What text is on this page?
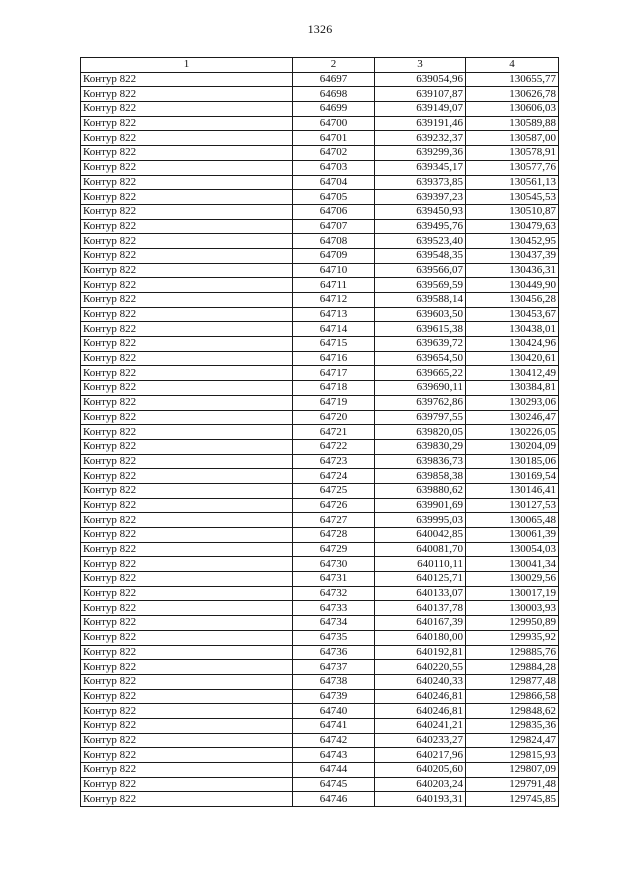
1326
1	2	3	4
Контур 822	64697	639054,96	130655,77
Контур 822	64698	639107,87	130626,78
Контур 822	64699	639149,07	130606,03
Контур 822	64700	639191,46	130589,88
Контур 822	64701	639232,37	130587,00
Контур 822	64702	639299,36	130578,91
Контур 822	64703	639345,17	130577,76
Контур 822	64704	639373,85	130561,13
Контур 822	64705	639397,23	130545,53
Контур 822	64706	639450,93	130510,87
Контур 822	64707	639495,76	130479,63
Контур 822	64708	639523,40	130452,95
Контур 822	64709	639548,35	130437,39
Контур 822	64710	639566,07	130436,31
Контур 822	64711	639569,59	130449,90
Контур 822	64712	639588,14	130456,28
Контур 822	64713	639603,50	130453,67
Контур 822	64714	639615,38	130438,01
Контур 822	64715	639639,72	130424,96
Контур 822	64716	639654,50	130420,61
Контур 822	64717	639665,22	130412,49
Контур 822	64718	639690,11	130384,81
Контур 822	64719	639762,86	130293,06
Контур 822	64720	639797,55	130246,47
Контур 822	64721	639820,05	130226,05
Контур 822	64722	639830,29	130204,09
Контур 822	64723	639836,73	130185,06
Контур 822	64724	639858,38	130169,54
Контур 822	64725	639880,62	130146,41
Контур 822	64726	639901,69	130127,53
Контур 822	64727	639995,03	130065,48
Контур 822	64728	640042,85	130061,39
Контур 822	64729	640081,70	130054,03
Контур 822	64730	640110,11	130041,34
Контур 822	64731	640125,71	130029,56
Контур 822	64732	640133,07	130017,19
Контур 822	64733	640137,78	130003,93
Контур 822	64734	640167,39	129950,89
Контур 822	64735	640180,00	129935,92
Контур 822	64736	640192,81	129885,76
Контур 822	64737	640220,55	129884,28
Контур 822	64738	640240,33	129877,48
Контур 822	64739	640246,81	129866,58
Контур 822	64740	640246,81	129848,62
Контур 822	64741	640241,21	129835,36
Контур 822	64742	640233,27	129824,47
Контур 822	64743	640217,96	129815,93
Контур 822	64744	640205,60	129807,09
Контур 822	64745	640203,24	129791,48
Контур 822	64746	640193,31	129745,85
